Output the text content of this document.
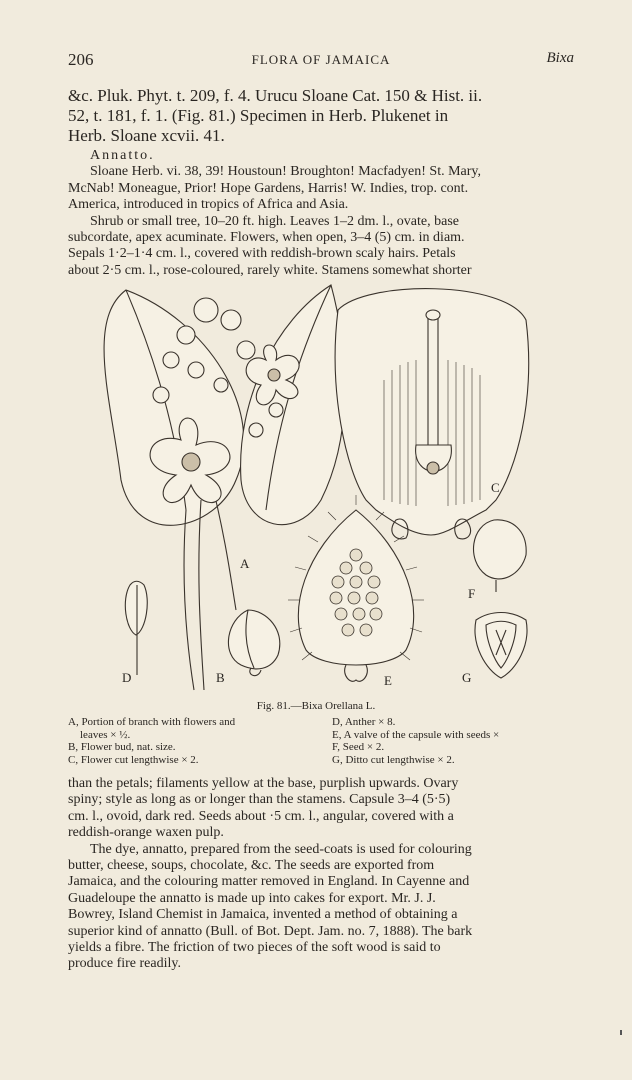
206	FLORA OF JAMAICA	Bixa
&c. Pluk. Phyt. t. 209, f. 4. Urucu Sloane Cat. 150 & Hist. ii.
52, t. 181, f. 1. (Fig. 81.) Specimen in Herb. Plukenet in
Herb. Sloane xcvii. 41.
Annatto.
Sloane Herb. vi. 38, 39! Houstoun! Broughton! Macfadyen! St. Mary,
McNab! Moneague, Prior! Hope Gardens, Harris! W. Indies, trop. cont.
America, introduced in tropics of Africa and Asia.
Shrub or small tree, 10–20 ft. high. Leaves 1–2 dm. l., ovate, base
subcordate, apex acuminate. Flowers, when open, 3–4 (5) cm. in diam.
Sepals 1·2–1·4 cm. l., covered with reddish-brown scaly hairs. Petals
about 2·5 cm. l., rose-coloured, rarely white. Stamens somewhat shorter
A
C
E
D	B
F
G
Fig. 81.—Bixa Orellana L.
A, Portion of branch with flowers and
leaves × ½.
B, Flower bud, nat. size.
C, Flower cut lengthwise × 2.
D, Anther × 8.
E, A valve of the capsule with seeds ×
F, Seed × 2.
G, Ditto cut lengthwise × 2.
than the petals; filaments yellow at the base, purplish upwards. Ovary
spiny; style as long as or longer than the stamens. Capsule 3–4 (5·5)
cm. l., ovoid, dark red. Seeds about ·5 cm. l., angular, covered with a
reddish-orange waxen pulp.
The dye, annatto, prepared from the seed-coats is used for colouring
butter, cheese, soups, chocolate, &c. The seeds are exported from
Jamaica, and the colouring matter removed in England. In Cayenne and
Guadeloupe the annatto is made up into cakes for export. Mr. J. J.
Bowrey, Island Chemist in Jamaica, invented a method of obtaining a
superior kind of annatto (Bull. of Bot. Dept. Jam. no. 7, 1888). The bark
yields a fibre. The friction of two pieces of the soft wood is said to
produce fire readily.
